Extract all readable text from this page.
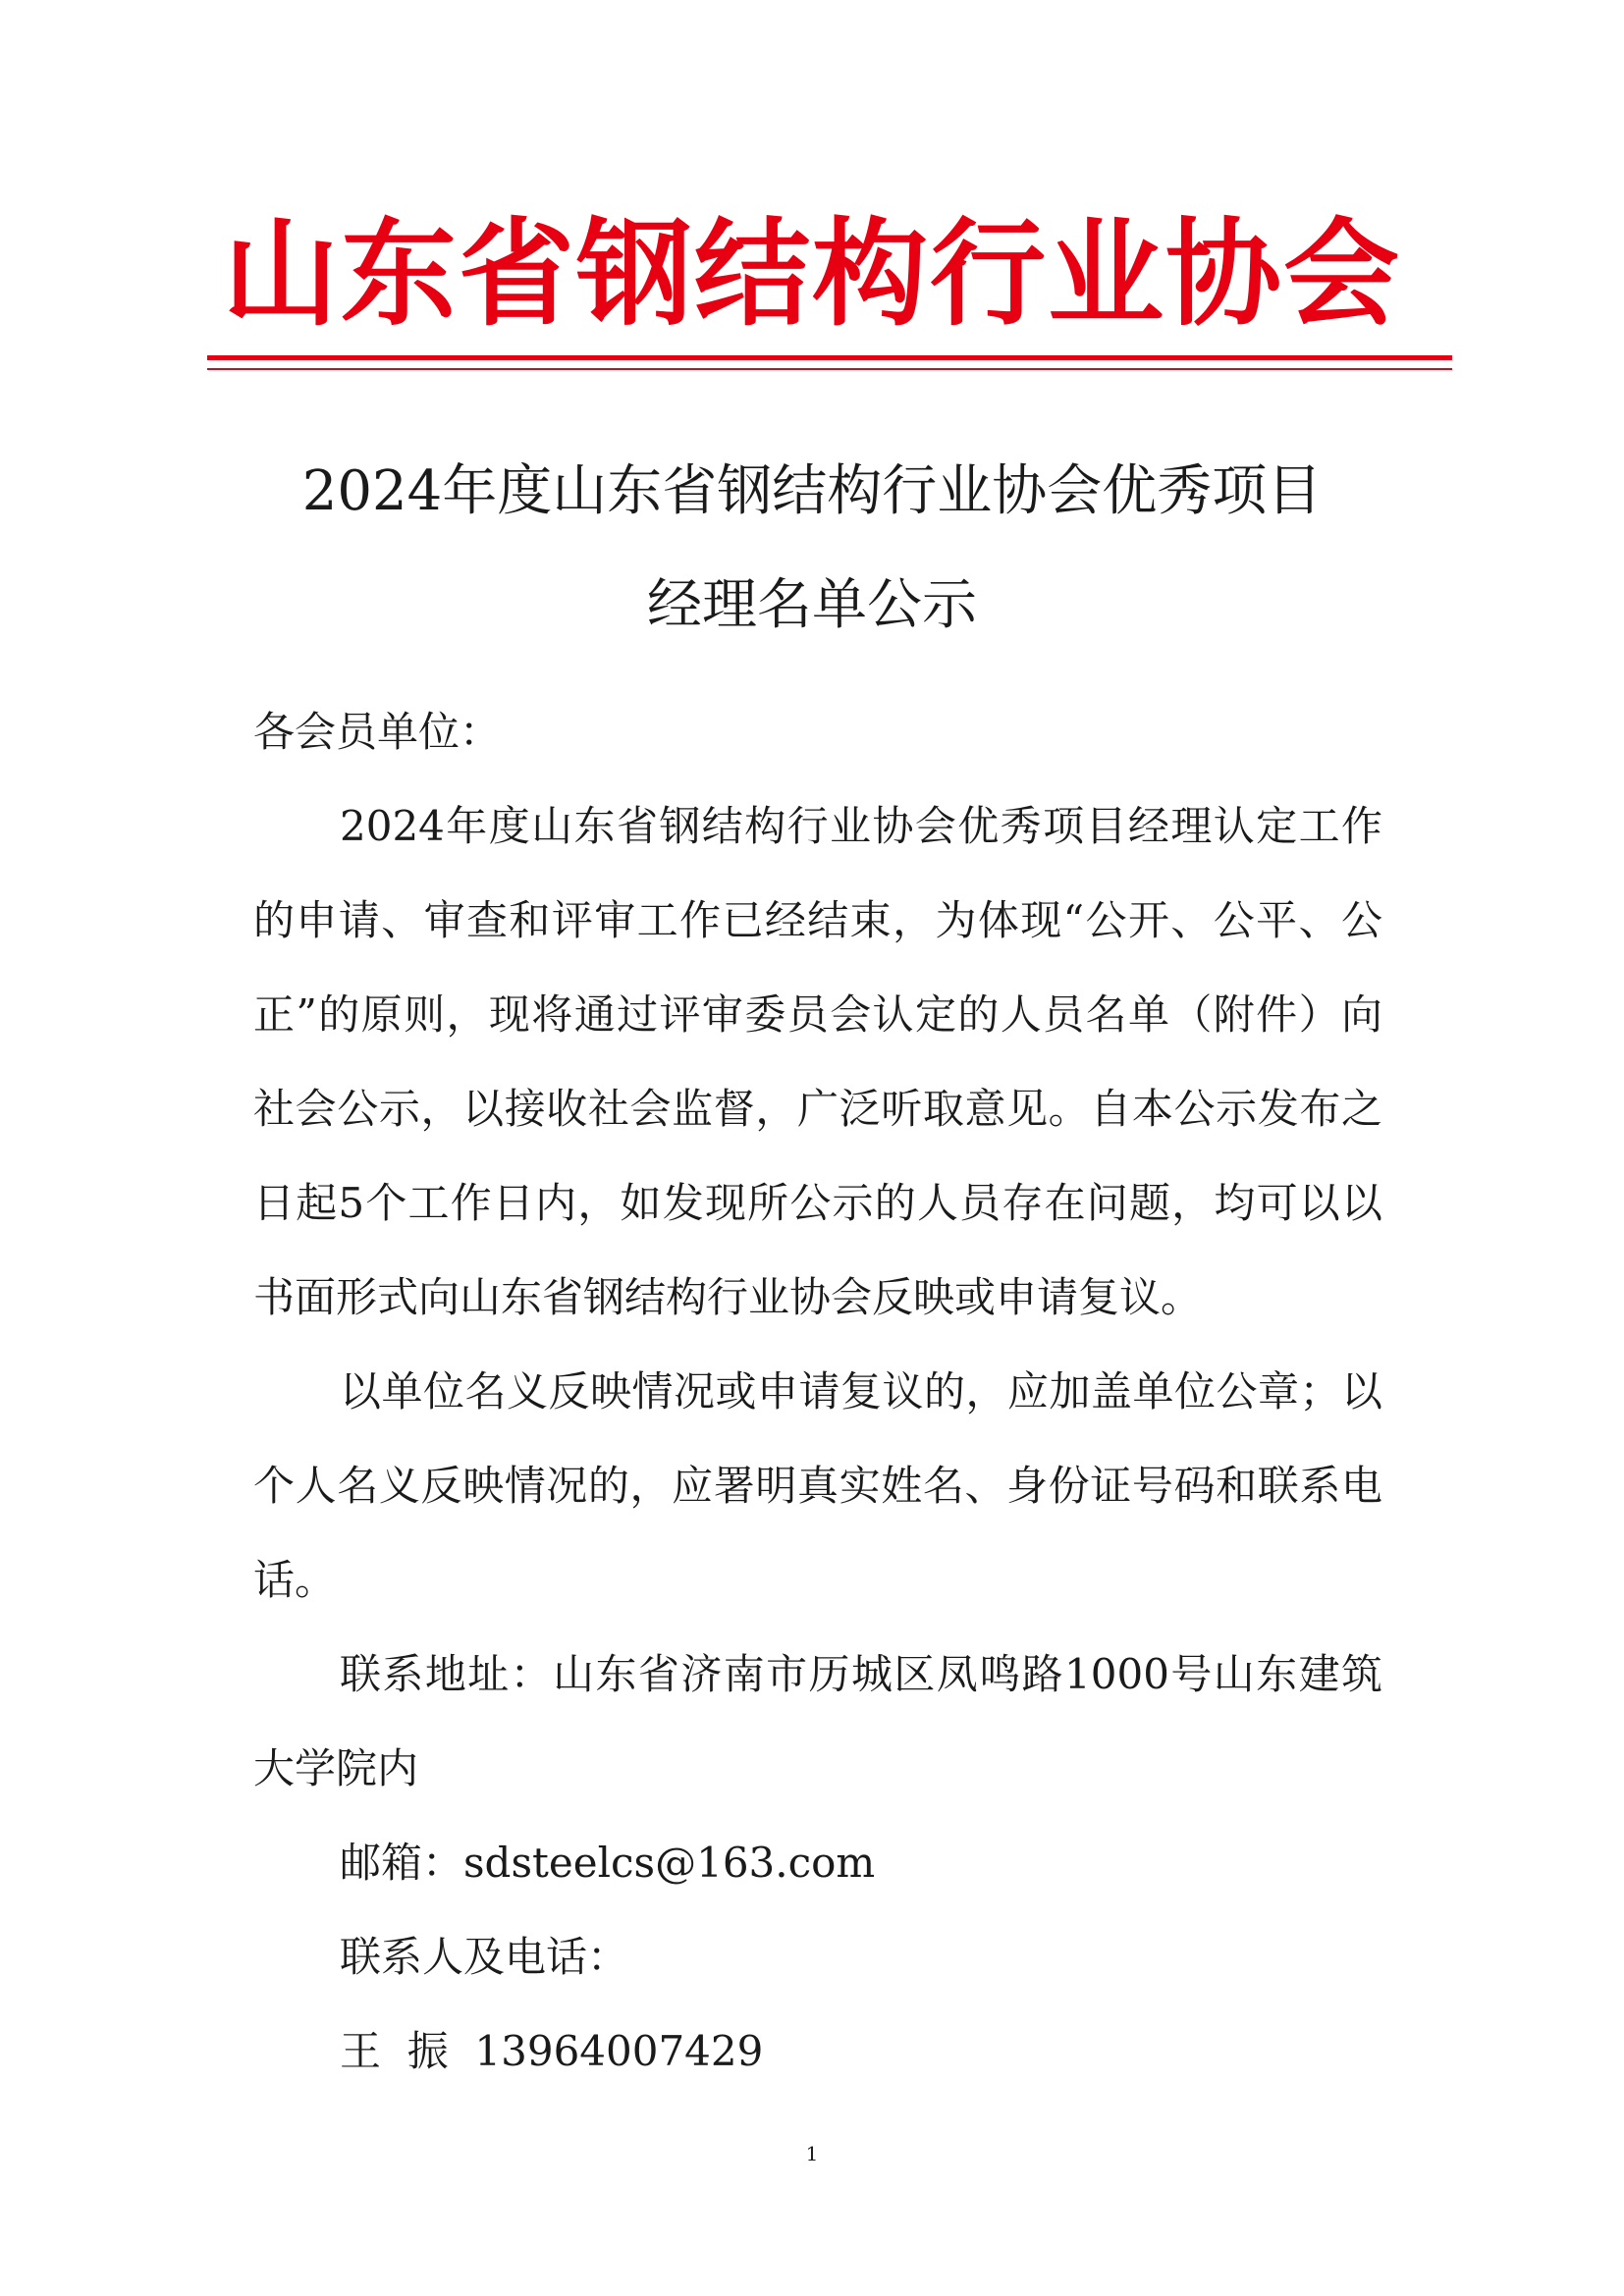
山东省钢结构行业协会
2024年度山东省钢结构行业协会优秀项目
经理名单公示

各会员单位：

2024年度山东省钢结构行业协会优秀项目经理认定工作的申请、审查和评审工作已经结束，为体现“公开、公平、公正”的原则，现将通过评审委员会认定的人员名单（附件）向社会公示，以接收社会监督，广泛听取意见。自本公示发布之日起5个工作日内，如发现所公示的人员存在问题，均可以以书面形式向山东省钢结构行业协会反映或申请复议。

以单位名义反映情况或申请复议的，应加盖单位公章；以个人名义反映情况的，应署明真实姓名、身份证号码和联系电话。

联系地址：山东省济南市历城区凤鸣路1000号山东建筑大学院内

邮箱：sdsteelcs@163.com

联系人及电话：

王  振  13964007429

1
